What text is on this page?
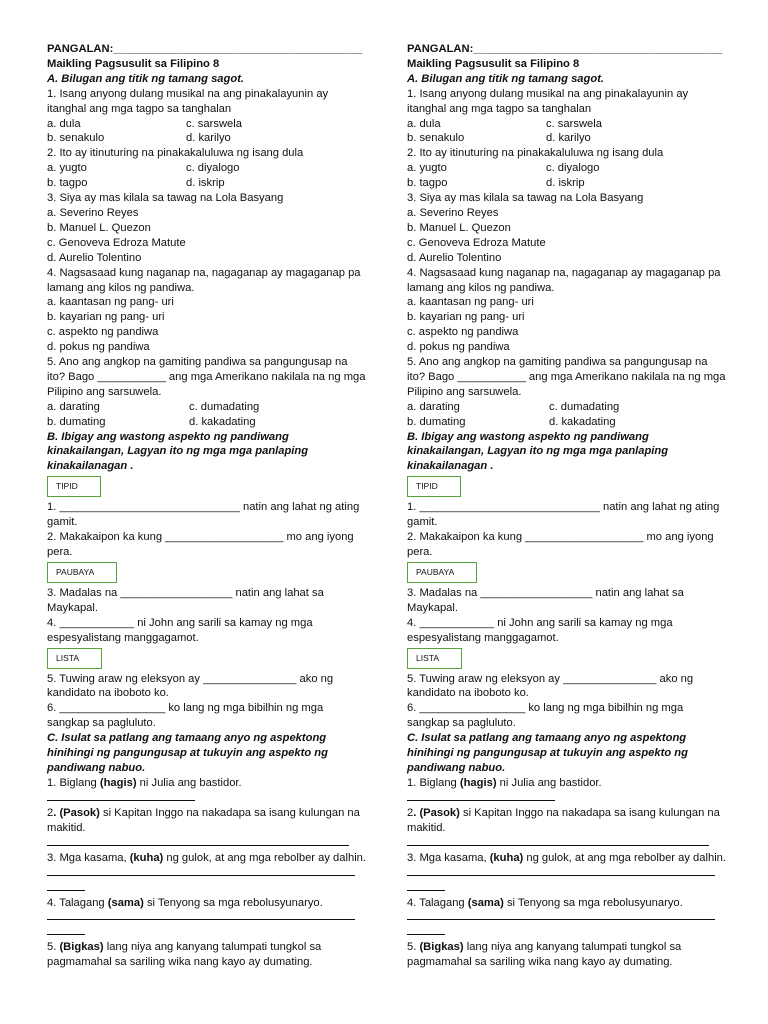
PANGALAN:________________________________________

Maikling Pagsusulit sa Filipino 8

A. Bilugan ang titik ng tamang sagot.

1. Isang anyong dulang musikal na ang pinakalayunin ay itanghal ang mga tagpo sa tanghalan

a. dula	c. sarswela
b. senakulo	d. karilyo

2. Ito ay itinuturing na pinakakaluluwa ng isang dula

a. yugto	c. diyalogo
b. tagpo	d. iskrip

3. Siya ay mas kilala sa tawag na Lola Basyang

a. Severino Reyes

b. Manuel L. Quezon

c. Genoveva Edroza Matute

d. Aurelio Tolentino

4. Nagsasaad kung naganap na, nagaganap ay magaganap pa lamang ang kilos ng pandiwa.

a. kaantasan ng pang- uri

b. kayarian ng pang- uri

c. aspekto ng pandiwa

d. pokus ng pandiwa

5. Ano ang angkop na gamiting pandiwa sa pangungusap na ito? Bago ___________ ang mga Amerikano nakilala na ng mga Pilipino ang sarsuwela.

a. darating	c. dumadating
b. dumating	d. kakadating

B. Ibigay ang wastong aspekto ng pandiwang kinakailangan, Lagyan ito ng mga mga panlaping kinakailanagan .

TIPID

1. _____________________________ natin ang lahat ng ating gamit.

2. Makakaipon ka kung ___________________ mo ang iyong pera.

PAUBAYA

3. Madalas na __________________ natin ang lahat sa Maykapal.

4. ____________ ni John ang sarili sa kamay ng mga espesyalistang manggagamot.

LISTA

5. Tuwing araw ng eleksyon ay _______________ ako ng kandidato na iboboto ko.

6. _________________ ko lang ng mga bibilhin ng mga sangkap sa pagluluto.

C. Isulat sa patlang ang tamaang anyo ng aspektong hinihingi ng pangungusap at tukuyin ang aspekto ng pandiwang nabuo.

1. Biglang (hagis) ni Julia ang bastidor.

2. (Pasok) si Kapitan Inggo na nakadapa sa isang kulungan na makitid.

3. Mga kasama, (kuha) ng gulok, at ang mga rebolber ay dalhin.

4. Talagang (sama) si Tenyong sa mga rebolusyunaryo.

5. (Bigkas) lang niya ang kanyang talumpati tungkol sa pagmamahal sa sariling wika nang kayo ay dumating.

PANGALAN:________________________________________

Maikling Pagsusulit sa Filipino 8

A. Bilugan ang titik ng tamang sagot.

1. Isang anyong dulang musikal na ang pinakalayunin ay itanghal ang mga tagpo sa tanghalan

a. dula	c. sarswela
b. senakulo	d. karilyo

2. Ito ay itinuturing na pinakakaluluwa ng isang dula

a. yugto	c. diyalogo
b. tagpo	d. iskrip

3. Siya ay mas kilala sa tawag na Lola Basyang

a. Severino Reyes

b. Manuel L. Quezon

c. Genoveva Edroza Matute

d. Aurelio Tolentino

4. Nagsasaad kung naganap na, nagaganap ay magaganap pa lamang ang kilos ng pandiwa.

a. kaantasan ng pang- uri

b. kayarian ng pang- uri

c. aspekto ng pandiwa

d. pokus ng pandiwa

5. Ano ang angkop na gamiting pandiwa sa pangungusap na ito? Bago ___________ ang mga Amerikano nakilala na ng mga Pilipino ang sarsuwela.

a. darating	c. dumadating
b. dumating	d. kakadating

B. Ibigay ang wastong aspekto ng pandiwang kinakailangan, Lagyan ito ng mga mga panlaping kinakailanagan .

TIPID

1. _____________________________ natin ang lahat ng ating gamit.

2. Makakaipon ka kung ___________________ mo ang iyong pera.

PAUBAYA

3. Madalas na __________________ natin ang lahat sa Maykapal.

4. ____________ ni John ang sarili sa kamay ng mga espesyalistang manggagamot.

LISTA

5. Tuwing araw ng eleksyon ay _______________ ako ng kandidato na iboboto ko.

6. _________________ ko lang ng mga bibilhin ng mga sangkap sa pagluluto.

C. Isulat sa patlang ang tamaang anyo ng aspektong hinihingi ng pangungusap at tukuyin ang aspekto ng pandiwang nabuo.

1. Biglang (hagis) ni Julia ang bastidor.

2. (Pasok) si Kapitan Inggo na nakadapa sa isang kulungan na makitid.

3. Mga kasama, (kuha) ng gulok, at ang mga rebolber ay dalhin.

4. Talagang (sama) si Tenyong sa mga rebolusyunaryo.

5. (Bigkas) lang niya ang kanyang talumpati tungkol sa pagmamahal sa sariling wika nang kayo ay dumating.
